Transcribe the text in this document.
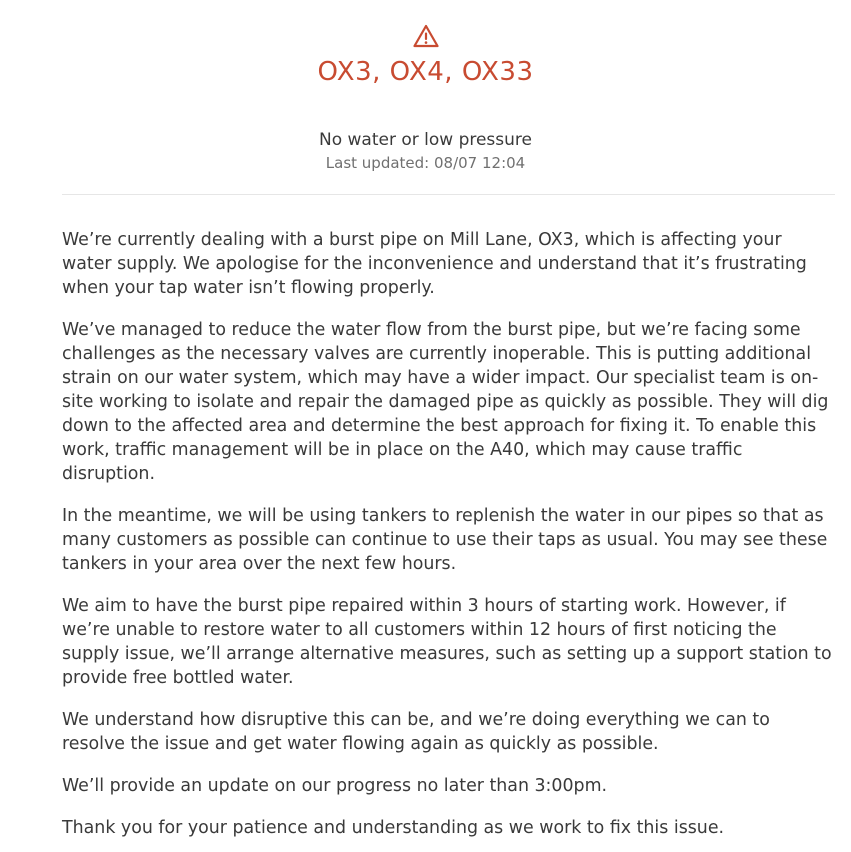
OX3, OX4, OX33
No water or low pressure
Last updated: 08/07 12:04

We’re currently dealing with a burst pipe on Mill Lane, OX3, which is affecting your water supply. We apologise for the inconvenience and understand that it’s frustrating when your tap water isn’t flowing properly.

We’ve managed to reduce the water flow from the burst pipe, but we’re facing some challenges as the necessary valves are currently inoperable. This is putting additional strain on our water system, which may have a wider impact. Our specialist team is on-site working to isolate and repair the damaged pipe as quickly as possible. They will dig down to the affected area and determine the best approach for fixing it. To enable this work, traffic management will be in place on the A40, which may cause traffic disruption.

In the meantime, we will be using tankers to replenish the water in our pipes so that as many customers as possible can continue to use their taps as usual. You may see these tankers in your area over the next few hours.

We aim to have the burst pipe repaired within 3 hours of starting work. However, if we’re unable to restore water to all customers within 12 hours of first noticing the supply issue, we’ll arrange alternative measures, such as setting up a support station to provide free bottled water.

We understand how disruptive this can be, and we’re doing everything we can to resolve the issue and get water flowing again as quickly as possible.

We’ll provide an update on our progress no later than 3:00pm.

Thank you for your patience and understanding as we work to fix this issue.
